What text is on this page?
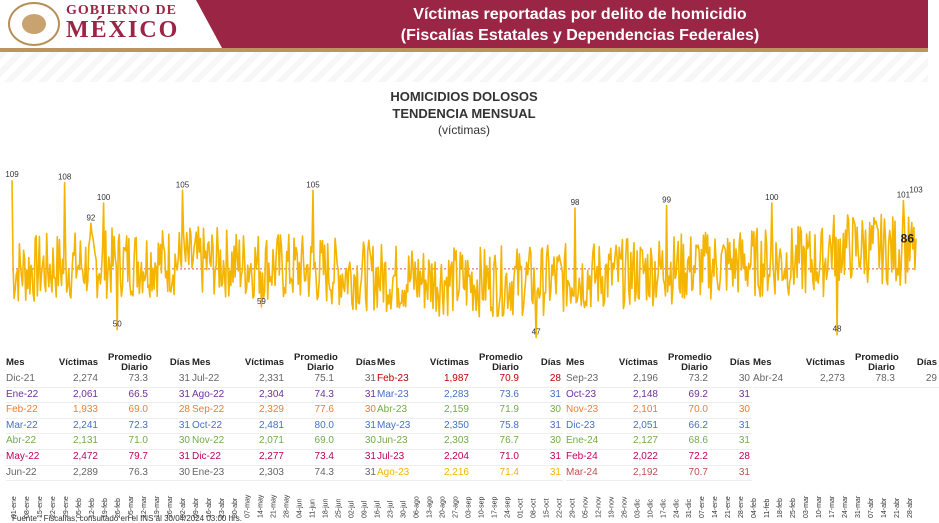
GOBIERNO DE
MÉXICO
Víctimas reportadas por delito de homicidio
(Fiscalías Estatales y Dependencias Federales)
HOMICIDIOS DOLOSOS
TENDENCIA MENSUAL
(víctimas)
109	108
92
50
105
59
105
100
47
98	99	100
48
101
103
86
01-ene 08-ene 15-ene 22-ene 29-ene 05-feb 12-feb 19-feb 26-feb 05-mar 12-mar 19-mar 26-mar 02-abr 09-abr 16-abr 23-abr 30-abr 07-may 14-may 21-may 28-may 04-jun 11-jun 18-jun 25-jun 02-jul 09-jul 16-jul 23-jul 30-jul 06-ago 13-ago 20-ago 27-ago 03-sep 10-sep 17-sep 24-sep 01-oct 08-oct 15-oct 22-oct 29-oct 05-nov 12-nov 19-nov 26-nov 03-dic 10-dic 17-dic 24-dic 31-dic 07-ene 14-ene 21-ene 28-ene 04-feb 11-feb 18-feb 25-feb 03-mar 10-mar 17-mar 24-mar 31-mar 07-abr 14-abr 21-abr 28-abr
Mes	Víctimas Promedio Diario	Días
Dic-21	2,274	73.3	31
Ene-22	2,061	66.5	31
Feb-22	1,933	69.0	28
Mar-22	2,241	72.3	31
Abr-22	2,131	71.0	30
May-22	2,472	79.7	31
Jun-22	2,289	76.3	30
Mes	Víctimas Promedio Diario	Días
Jul-22	2,331	75.1	31
Ago-22	2,304	74.3	31
Sep-22	2,329	77.6	30
Oct-22	2,481	80.0	31
Nov-22	2,071	69.0	30
Dic-22	2,277	73.4	31
Ene-23	2,303	74.3	31
Mes	Víctimas Promedio Diario	Días
Feb-23	1,987	70.9	28
Mar-23	2,283	73.6	31
Abr-23	2,159	71.9	30
May-23	2,350	75.8	31
Jun-23	2,303	76.7	30
Jul-23	2,204	71.0	31
Ago-23	2,216	71.4	31
Mes	Víctimas Promedio Diario	Días
Sep-23	2,196	73.2	30
Oct-23	2,148	69.2	31
Nov-23	2,101	70.0	30
Dic-23	2,051	66.2	31
Ene-24	2,127	68.6	31
Feb-24	2,022	72.2	28
Mar-24	2,192	70.7	31
Mes	Víctimas Promedio Diario	Días
Abr-24	2,273	78.3	29
Fuente : Fiscalías, consultado en el INS al 30/04/2024 03:00 hrs.
